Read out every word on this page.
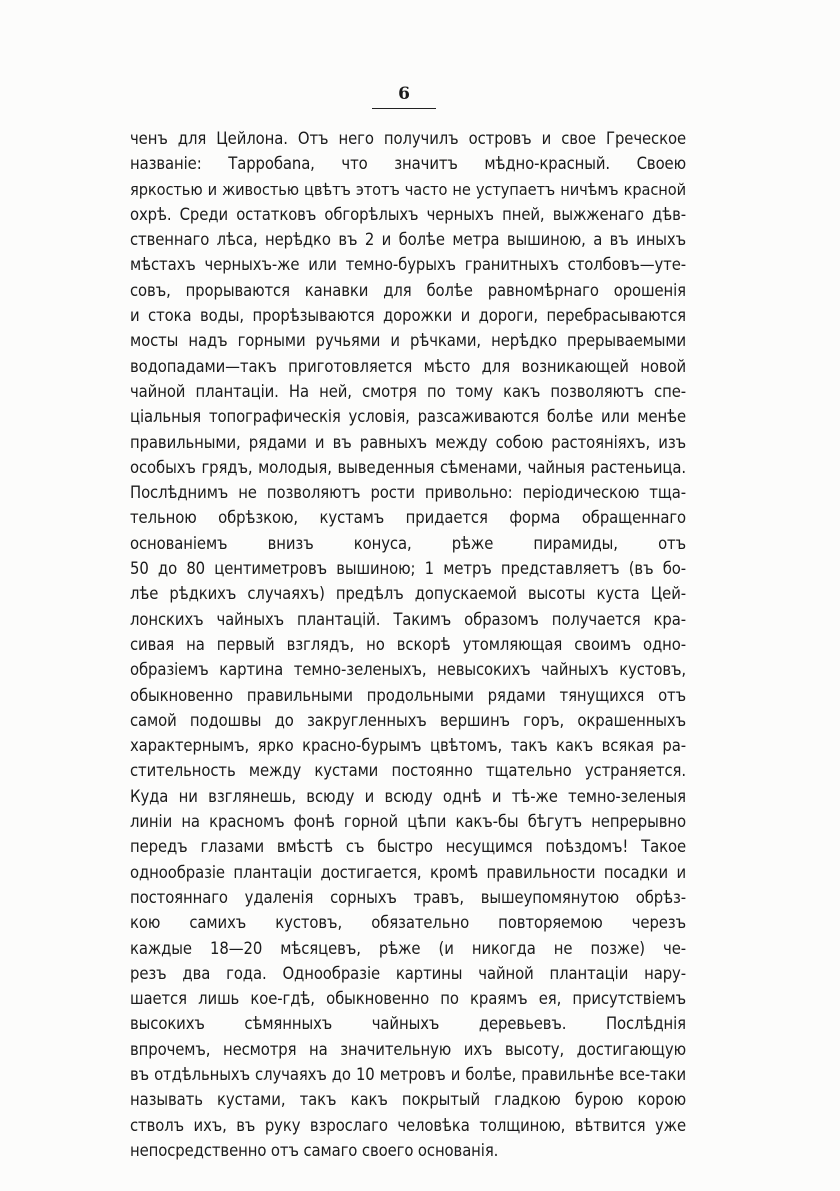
6
ченъ для Цейлона. Отъ него получилъ островъ и свое Греческое
названіе: Тарробаnа, что значитъ мѣдно-красный. Своею
яркостью и живостью цвѣтъ этотъ часто не уступаетъ ничѣмъ красной
охрѣ. Среди остатковъ обгорѣлыхъ черныхъ пней, выжженаго дѣв-
ственнаго лѣса, нерѣдко въ 2 и болѣе метра вышиною, а въ иныхъ
мѣстахъ черныхъ-же или темно-бурыхъ гранитныхъ столбовъ—утe-
совъ, прорываются канавки для болѣе равномѣрнаго орошенія
и стока воды, прорѣзываются дорожки и дороги, перебрасываются
мосты надъ горными ручьями и рѣчками, нерѣдко прерываемыми
водопадами—такъ приготовляется мѣсто для возникающей новой
чайной плантаціи. На ней, смотря по тому какъ позволяютъ спе-
ціальныя топографическія условія, разсаживаются болѣе или менѣе
правильными, рядами и въ равныхъ между собою растояніяхъ, изъ
особыхъ грядъ, молодыя, выведенныя сѣменами, чайныя растеньица.
Послѣднимъ не позволяютъ рости привольно: періодическою тщa-
тельною обрѣзкою, кустамъ придается форма обращеннаго
основаніемъ внизъ конуса, рѣже пирамиды, отъ
50 до 80 центиметровъ вышиною; 1 метръ представляетъ (въ бо-
лѣе рѣдкихъ случаяхъ) предѣлъ допускаемой высоты куста Цей-
лонскихъ чайныхъ плантацій. Такимъ образомъ получается кра-
сивая на первый взглядъ, но вскорѣ утомляющая своимъ одно-
образіемъ картина темно-зеленыхъ, невысокихъ чайныхъ кустовъ,
обыкновенно правильными продольными рядами тянущихся отъ
самой подошвы до закругленныхъ вершинъ горъ, окрашенныхъ
характернымъ, ярко красно-бурымъ цвѣтомъ, такъ какъ всякая ра-
стительность между кустами постоянно тщательно устраняется.
Куда ни взглянешь, всюду и всюду однѣ и тѣ-же темно-зеленыя
линіи на красномъ фонѣ горной цѣпи какъ-бы бѣгутъ непрерывно
передъ глазами вмѣстѣ съ быстро несущимся поѣздомъ! Такое
однообразіе плантаціи достигается, кромѣ правильности посадки и
постояннаго удаленія сорныхъ травъ, вышеупомянутою обрѣз-
кою самихъ кустовъ, обязательно повторяемою черезъ
каждые 18—20 мѣсяцевъ, рѣже (и никогда не позже) че-
резъ два года. Однообразіе картины чайной плантаціи нару-
шается лишь кое-гдѣ, обыкновенно по краямъ ея, присутствіемъ
высокихъ сѣмянныхъ чайныхъ деревьевъ. Послѣднія
впрочемъ, несмотря на значительную ихъ высоту, достигающую
въ отдѣльныхъ случаяхъ до 10 метровъ и болѣе, правильнѣе все-таки
называть кустами, такъ какъ покрытый гладкою бурою корою
стволъ ихъ, въ руку взрослаго человѣка толщиною, вѣтвится уже
непосредственно отъ самаго своего основанія.
